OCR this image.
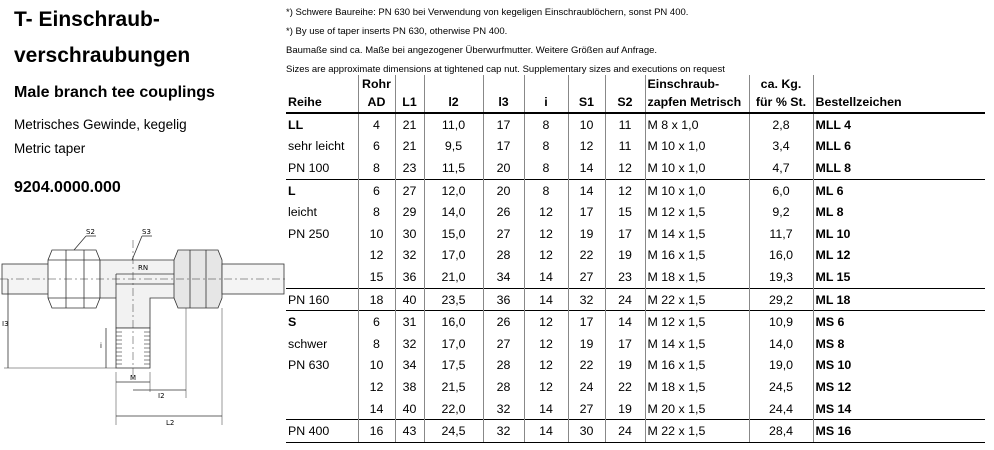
T- Einschraub-
verschraubungen
Male branch tee couplings
Metrisches Gewinde, kegelig
Metric taper
9204.0000.000
S2	S3
RN
I3
i
M
I2
L2
*) Schwere Baureihe: PN 630 bei Verwendung von kegeligen Einschraublöchern, sonst PN 400.
*) By use of taper inserts PN 630, otherwise PN 400.
Baumaße sind ca. Maße bei angezogener Überwurfmutter. Weitere Größen auf Anfrage.
Sizes are approximate dimensions at tightened cap nut. Supplementary sizes and executions on request
	Rohr							Einschraub-	ca. Kg.	
Reihe	AD	L1	l2	l3	i	S1	S2	zapfen Metrisch	für % St.	Bestellzeichen
LL	4	21	11,0	17	8	10	11	M 8 x 1,0	2,8	MLL 4
sehr leicht	6	21	9,5	17	8	12	11	M 10 x 1,0	3,4	MLL 6
PN 100	8	23	11,5	20	8	14	12	M 10 x 1,0	4,7	MLL 8
L	6	27	12,0	20	8	14	12	M 10 x 1,0	6,0	ML 6
leicht	8	29	14,0	26	12	17	15	M 12 x 1,5	9,2	ML 8
PN 250	10	30	15,0	27	12	19	17	M 14 x 1,5	11,7	ML 10
	12	32	17,0	28	12	22	19	M 16 x 1,5	16,0	ML 12
	15	36	21,0	34	14	27	23	M 18 x 1,5	19,3	ML 15
PN 160	18	40	23,5	36	14	32	24	M 22 x 1,5	29,2	ML 18
S	6	31	16,0	26	12	17	14	M 12 x 1,5	10,9	MS 6
schwer	8	32	17,0	27	12	19	17	M 14 x 1,5	14,0	MS 8
PN 630	10	34	17,5	28	12	22	19	M 16 x 1,5	19,0	MS 10
	12	38	21,5	28	12	24	22	M 18 x 1,5	24,5	MS 12
	14	40	22,0	32	14	27	19	M 20 x 1,5	24,4	MS 14
PN 400	16	43	24,5	32	14	30	24	M 22 x 1,5	28,4	MS 16
